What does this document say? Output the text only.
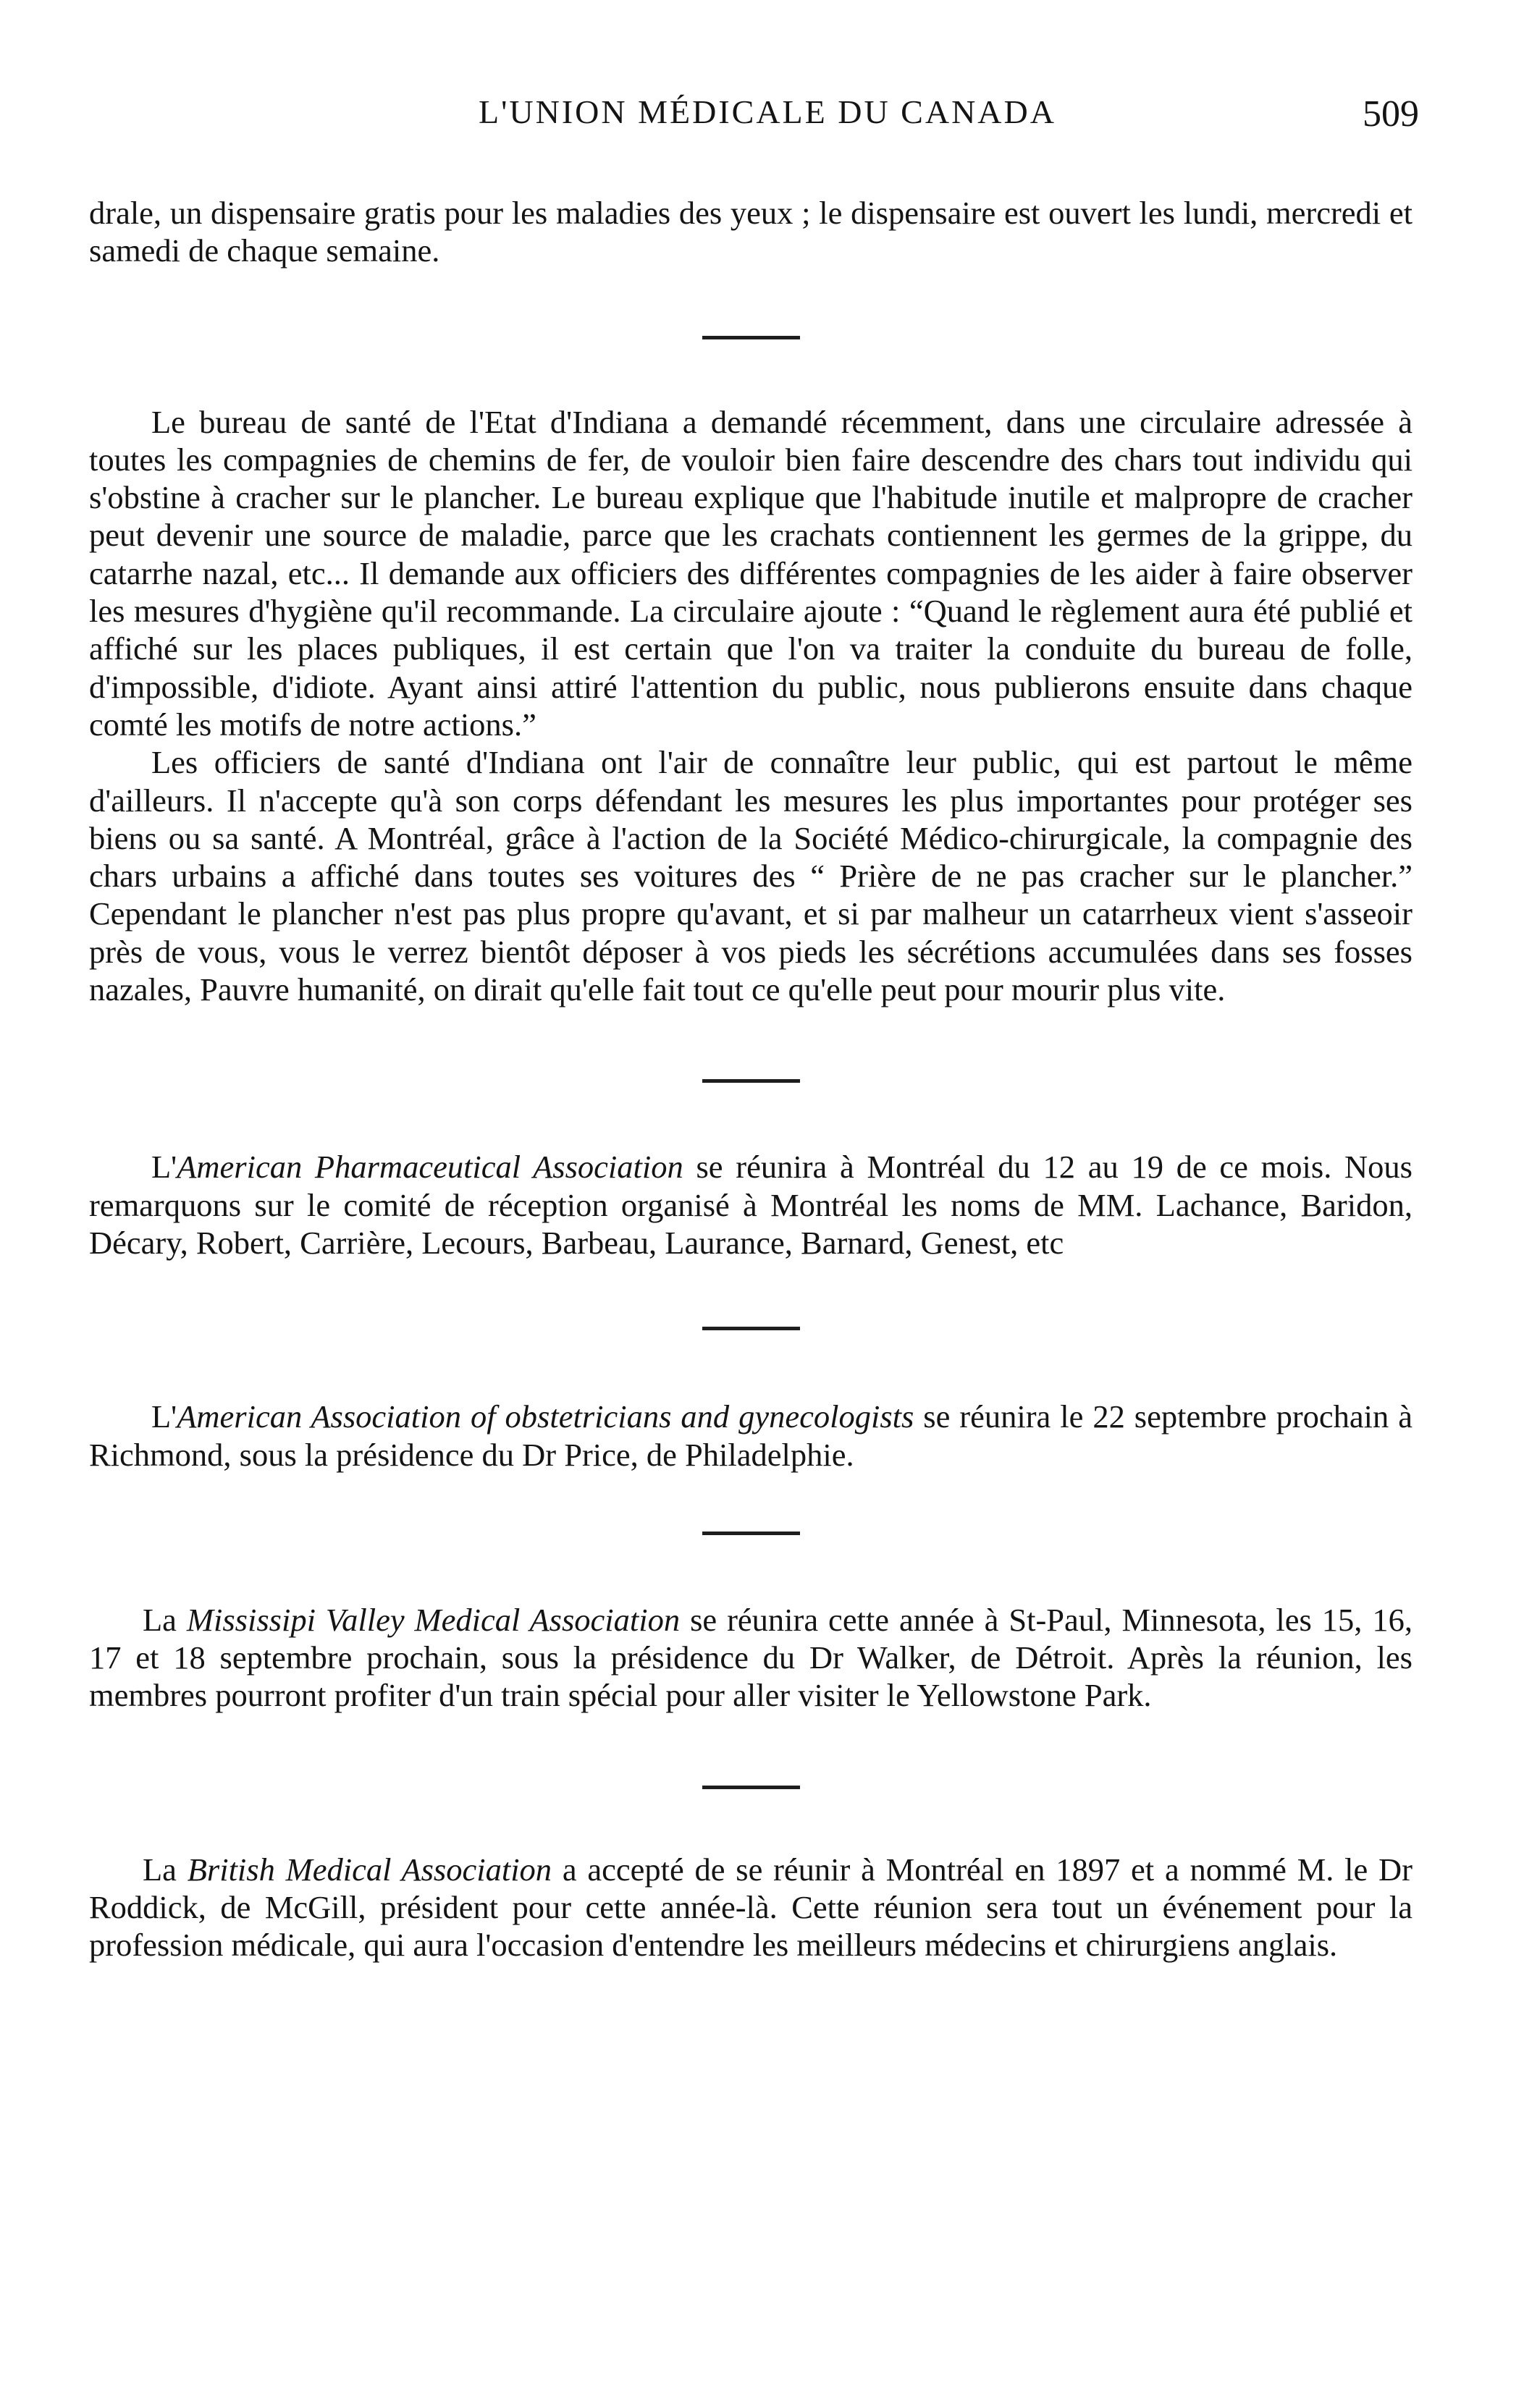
L'UNION MÉDICALE DU CANADA	509

drale, un dispensaire gratis pour les maladies des yeux ; le dispensaire est ouvert les lundi, mercredi et samedi de chaque semaine.

Le bureau de santé de l'Etat d'Indiana a demandé récemment, dans une circulaire adressée à toutes les compagnies de chemins de fer, de vouloir bien faire descendre des chars tout individu qui s'obstine à cracher sur le plancher. Le bureau explique que l'habitude inutile et malpropre de cracher peut devenir une source de maladie, parce que les crachats contiennent les germes de la grippe, du catarrhe nazal, etc... Il demande aux officiers des différentes compagnies de les aider à faire observer les mesures d'hygiène qu'il recommande. La circulaire ajoute : “Quand le règlement aura été publié et affiché sur les places publiques, il est certain que l'on va traiter la conduite du bureau de folle, d'impossible, d'idiote. Ayant ainsi attiré l'attention du public, nous publierons ensuite dans chaque comté les motifs de notre actions.”

Les officiers de santé d'Indiana ont l'air de connaître leur public, qui est partout le même d'ailleurs. Il n'accepte qu'à son corps défendant les mesures les plus importantes pour protéger ses biens ou sa santé. A Montréal, grâce à l'action de la Société Médico-chirurgicale, la compagnie des chars urbains a affiché dans toutes ses voitures des “ Prière de ne pas cracher sur le plancher.” Cependant le plancher n'est pas plus propre qu'avant, et si par malheur un catarrheux vient s'asseoir près de vous, vous le verrez bientôt déposer à vos pieds les sécrétions accumulées dans ses fosses nazales, Pauvre humanité, on dirait qu'elle fait tout ce qu'elle peut pour mourir plus vite.

L'American Pharmaceutical Association se réunira à Montréal du 12 au 19 de ce mois. Nous remarquons sur le comité de réception organisé à Montréal les noms de MM. Lachance, Baridon, Décary, Robert, Carrière, Lecours, Barbeau, Laurance, Barnard, Genest, etc

L'American Association of obstetricians and gynecologists se réunira le 22 septembre prochain à Richmond, sous la présidence du Dr Price, de Philadelphie.

La Mississipi Valley Medical Association se réunira cette année à St-Paul, Minnesota, les 15, 16, 17 et 18 septembre prochain, sous la présidence du Dr Walker, de Détroit. Après la réunion, les membres pourront profiter d'un train spécial pour aller visiter le Yellowstone Park.

La British Medical Association a accepté de se réunir à Montréal en 1897 et a nommé M. le Dr Roddick, de McGill, président pour cette année-là. Cette réunion sera tout un événement pour la profession médicale, qui aura l'occasion d'entendre les meilleurs médecins et chirurgiens anglais.
